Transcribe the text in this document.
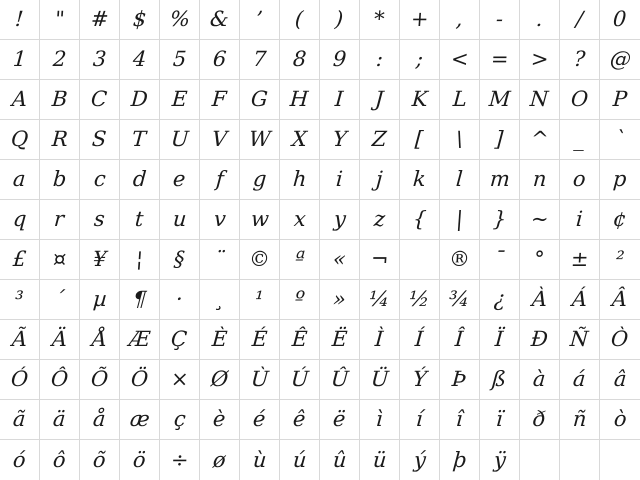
! " # $ % & ’ ( ) * + , - . / 0
1 2 3 4 5 6 7 8 9 : ; < = > ? @
A B C D E F G H I J K L M N O P
Q R S T U V W X Y Z [ \ ] ^ _ `
a b c d e f g h i j k l m n o p
q r s t u v w x y z { | } ~ i ¢
£ ¤ ¥ ¦ § ¨ © ª « ¬	® ¯ ° ± ²
³ ´ µ ¶ · ¸ ¹ º » ¼ ½ ¾ ¿ À Á Â
Ã Ä Å Æ Ç È É Ê Ë Ì Í Î Ï Ð Ñ Ò
Ó Ô Õ Ö × Ø Ù Ú Û Ü Ý Þ ß à á â
ã ä å æ ç è é ê ë ì í î ï ð ñ ò
ó ô õ ö ÷ ø ù ú û ü ý þ ÿ
